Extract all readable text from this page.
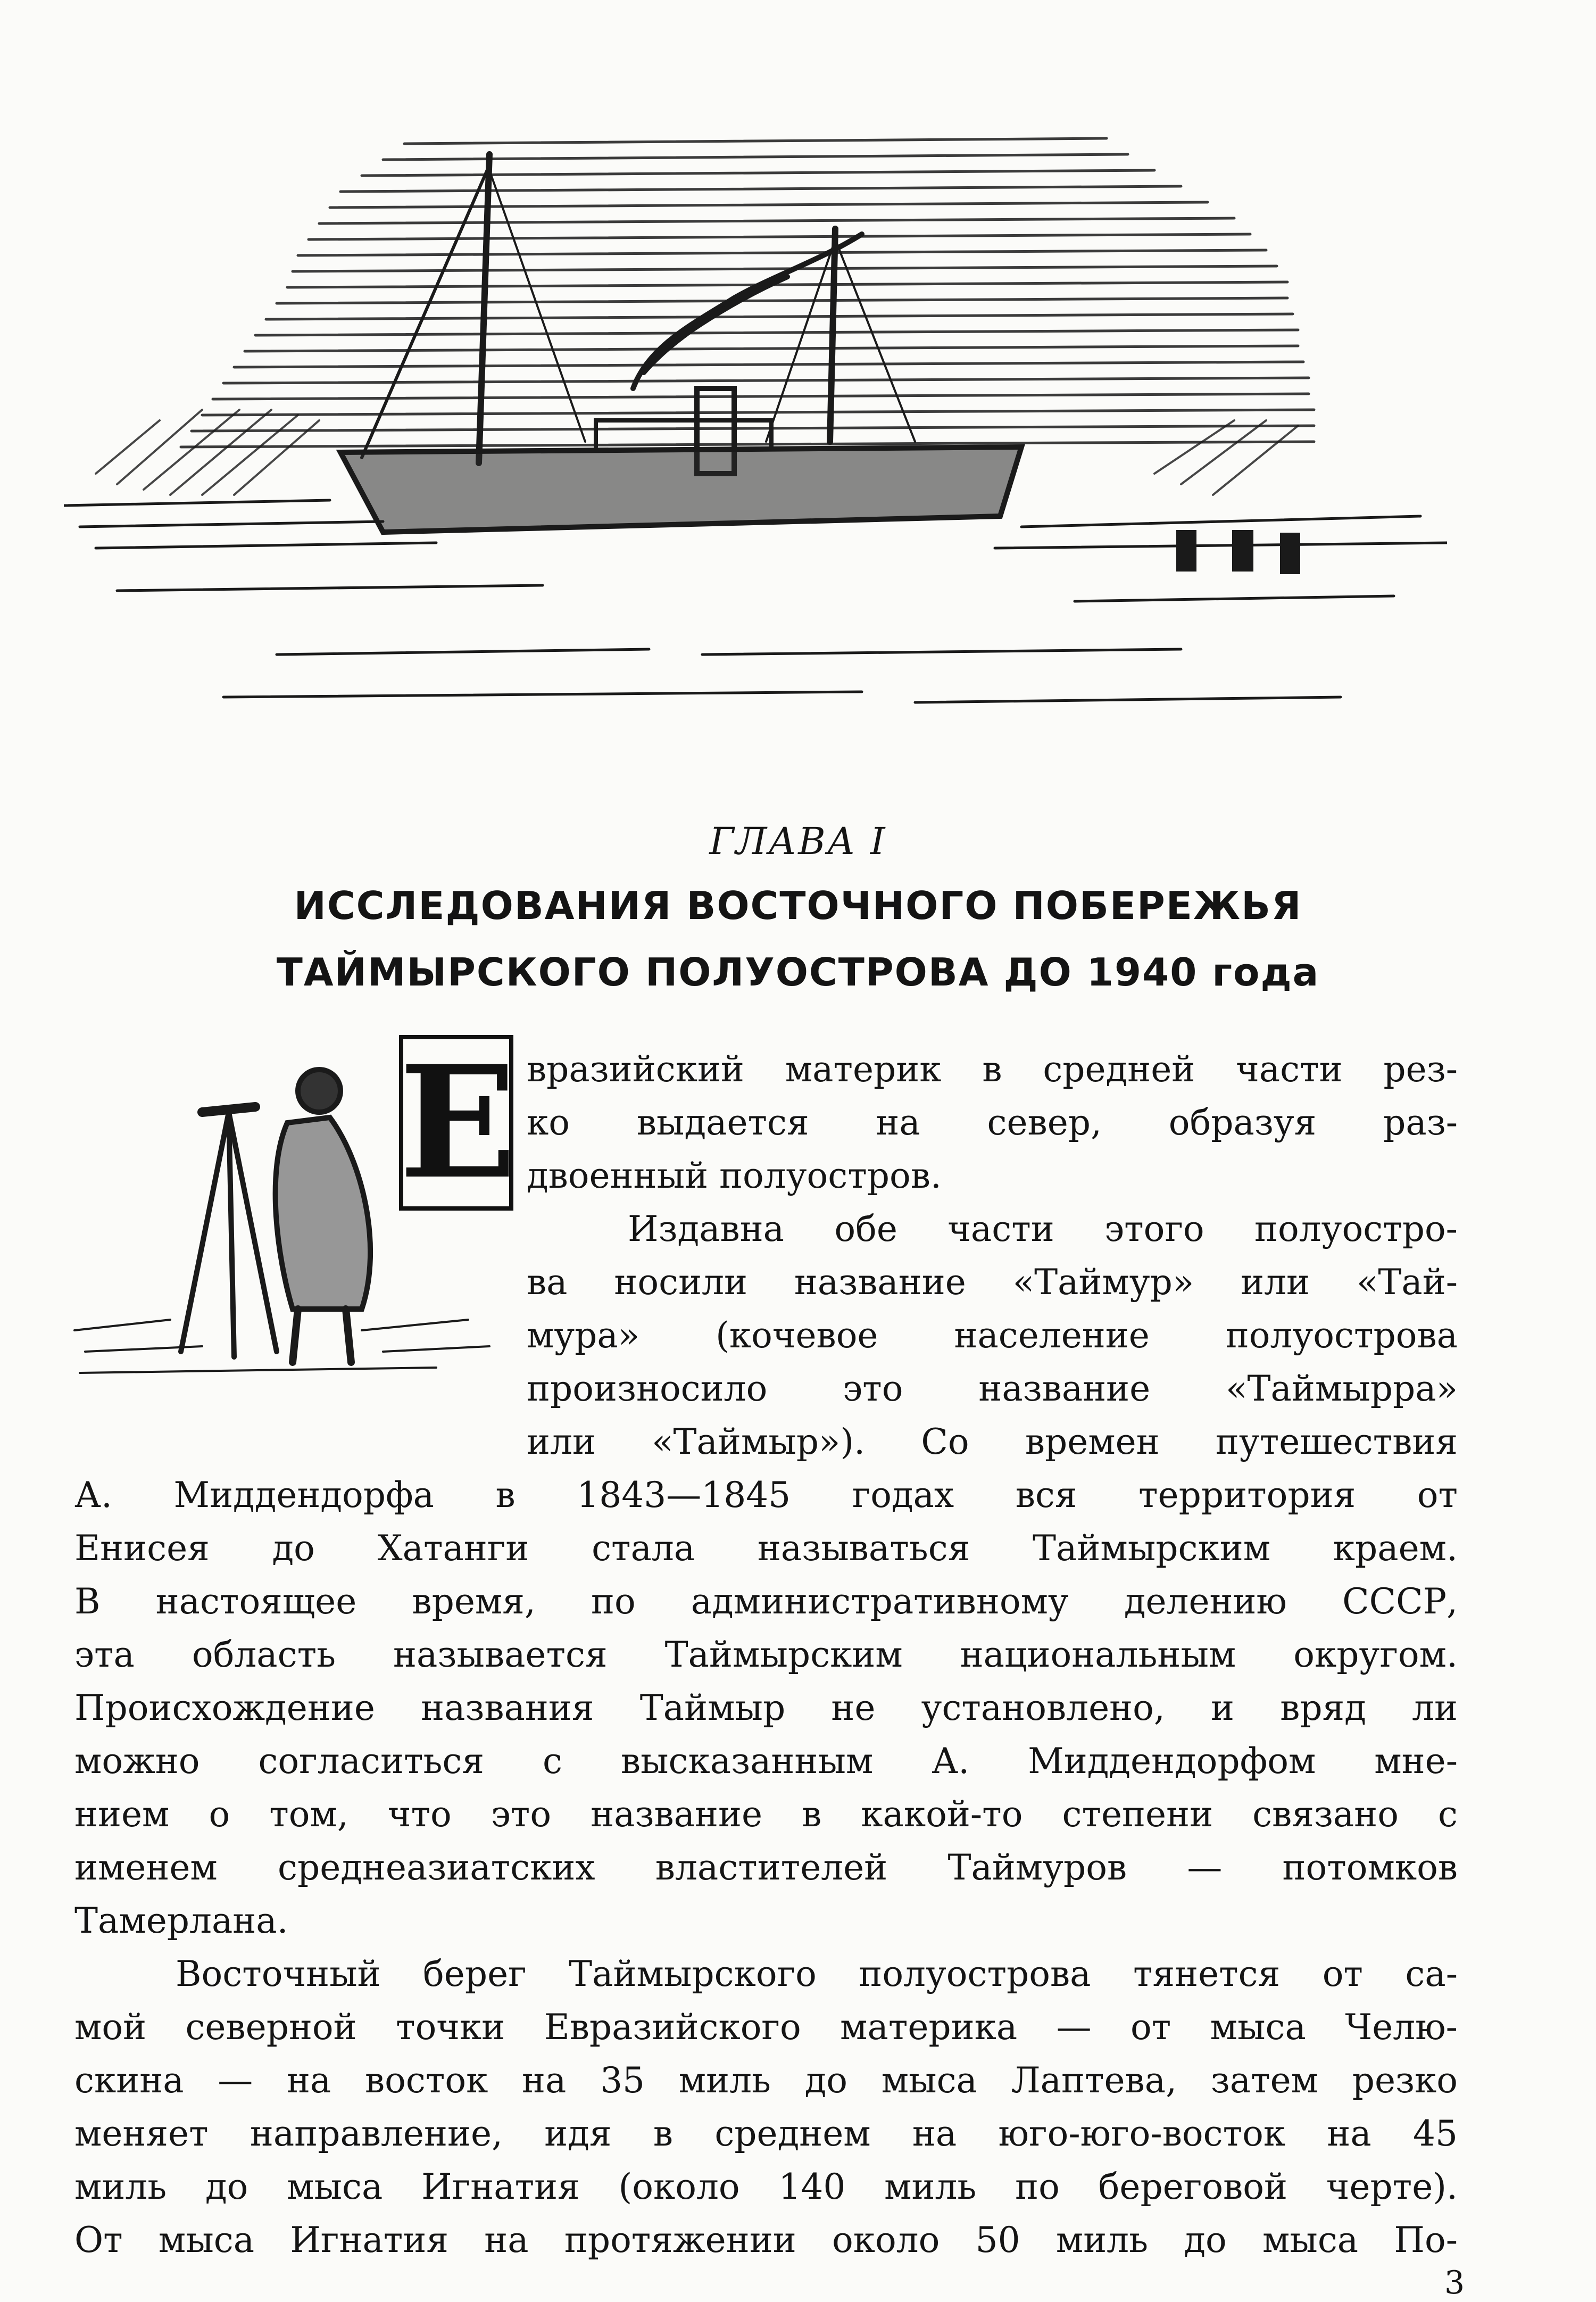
ГЛАВА I
ИССЛЕДОВАНИЯ ВОСТОЧНОГО ПОБЕРЕЖЬЯ
ТАЙМЫРСКОГО ПОЛУОСТРОВА ДО 1940 года
Е вразийский материк в средней части рез-
ко выдается на север, образуя раз-
двоенный полуостров.
Издавна обе части этого полуостро-
ва носили название «Таймур» или «Тай-
мура» (кочевое население полуострова
произносило это название «Таймырра»
или «Таймыр»). Со времен путешествия
А. Миддендорфа в 1843—1845 годах вся территория от
Енисея до Хатанги стала называться Таймырским краем.
В настоящее время, по административному делению СССР,
эта область называется Таймырским национальным округом.
Происхождение названия Таймыр не установлено, и вряд ли
можно согласиться с высказанным А. Миддендорфом мне-
нием о том, что это название в какой-то степени связано с
именем среднеазиатских властителей Таймуров — потомков
Тамерлана.
Восточный берег Таймырского полуострова тянется от са-
мой северной точки Евразийского материка — от мыса Челю-
скина — на восток на 35 миль до мыса Лаптева, затем резко
меняет направление, идя в среднем на юго-юго-восток на 45
миль до мыса Игнатия (около 140 миль по береговой черте).
От мыса Игнатия на протяжении около 50 миль до мыса По-
3
